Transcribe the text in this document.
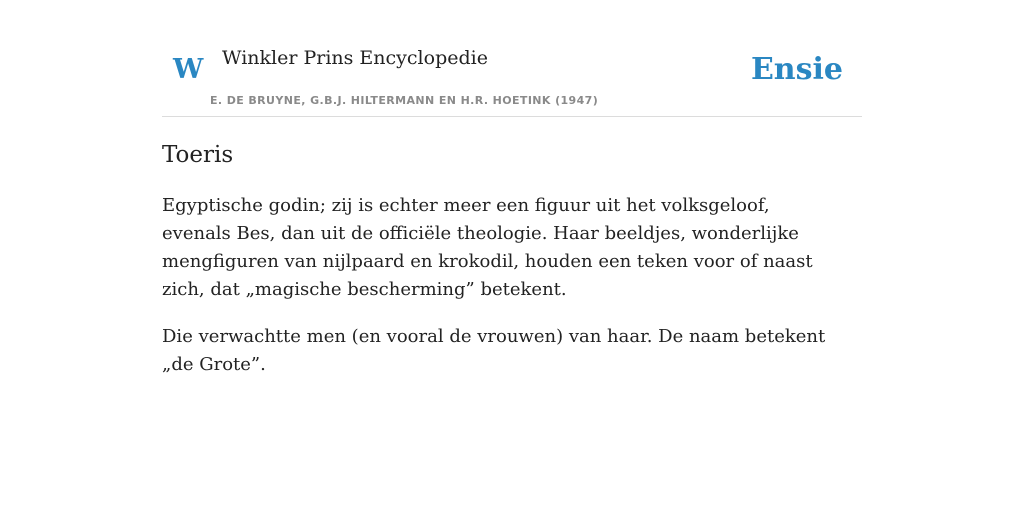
W Winkler Prins Encyclopedie
E. DE BRUYNE, G.B.J. HILTERMANN EN H.R. HOETINK (1947)
Ensie
Toeris

Egyptische godin; zij is echter meer een figuur uit het volksgeloof, evenals Bes, dan uit de officiële theologie. Haar beeldjes, wonderlijke mengfiguren van nijlpaard en krokodil, houden een teken voor of naast zich, dat „magische bescherming” betekent.

Die verwachtte men (en vooral de vrouwen) van haar. De naam betekent „de Grote”.
